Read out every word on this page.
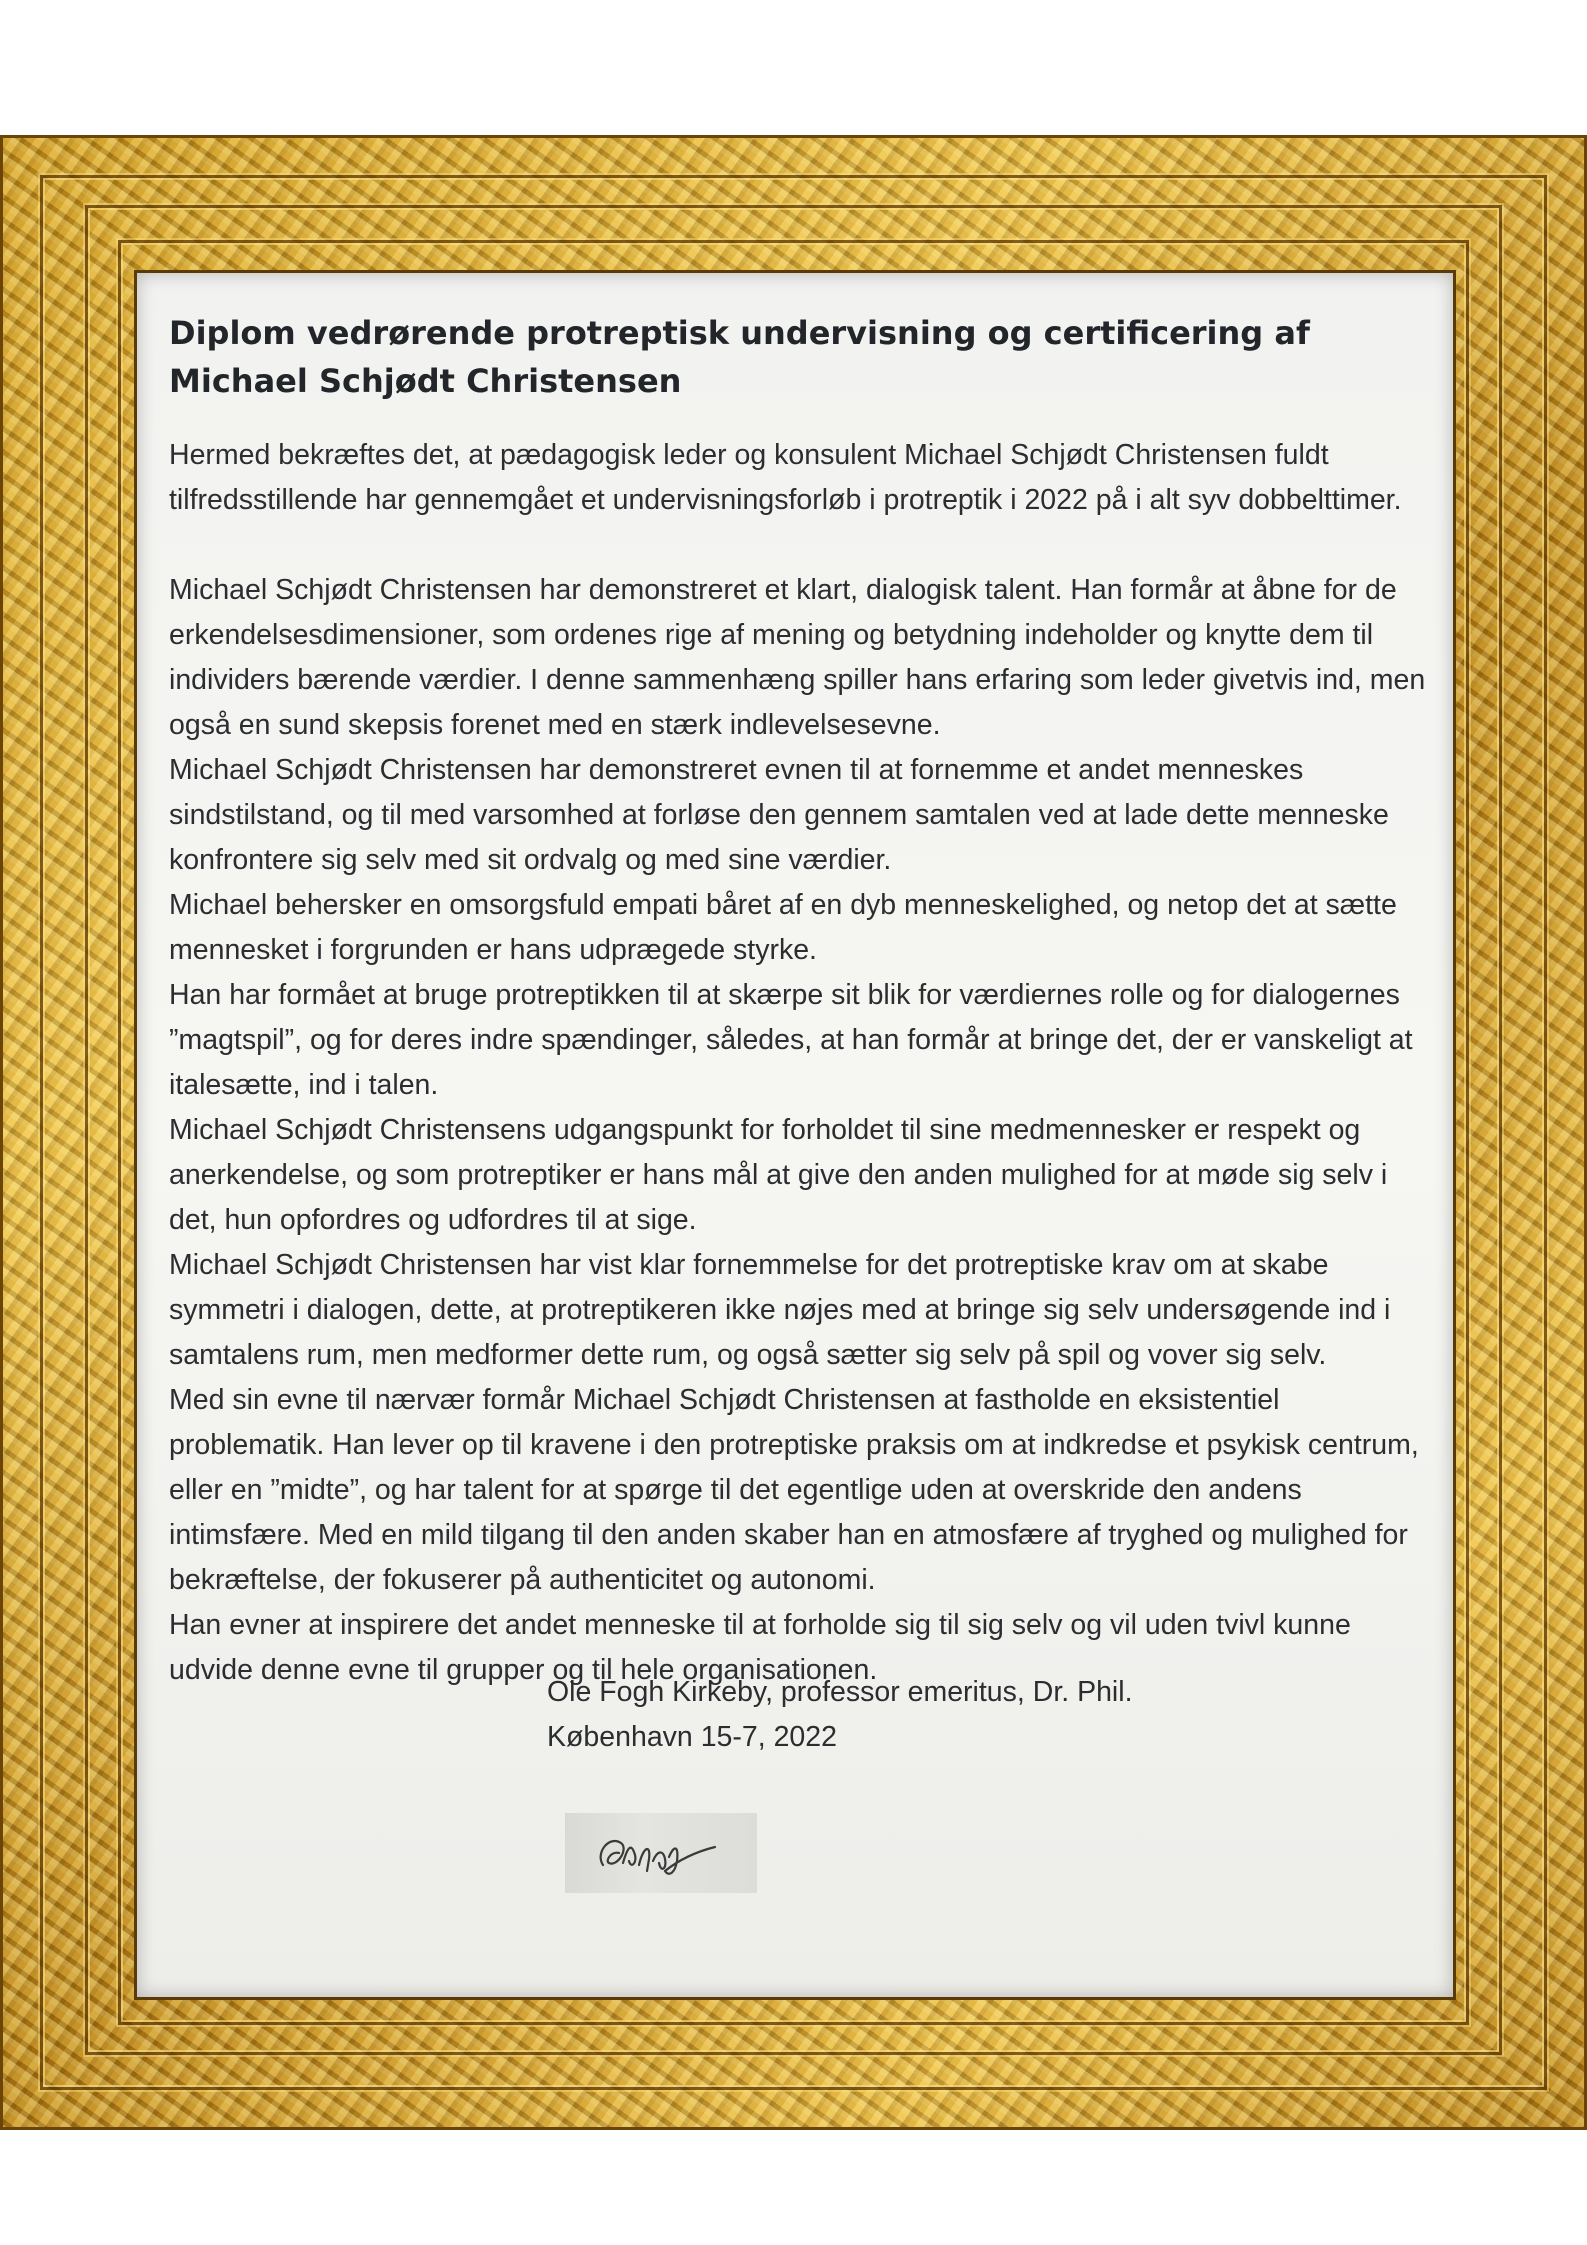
Diplom vedrørende protreptisk undervisning og certificering af
Michael Schjødt Christensen

Hermed bekræftes det, at pædagogisk leder og konsulent Michael Schjødt Christensen fuldt tilfredsstillende har gennemgået et undervisningsforløb i protreptik i 2022 på i alt syv dobbelttimer.

Michael Schjødt Christensen har demonstreret et klart, dialogisk talent. Han formår at åbne for de erkendelsesdimensioner, som ordenes rige af mening og betydning indeholder og knytte dem til individers bærende værdier. I denne sammenhæng spiller hans erfaring som leder givetvis ind, men også en sund skepsis forenet med en stærk indlevelsesevne.

Michael Schjødt Christensen har demonstreret evnen til at fornemme et andet menneskes sindstilstand, og til med varsomhed at forløse den gennem samtalen ved at lade dette menneske konfrontere sig selv med sit ordvalg og med sine værdier.

Michael behersker en omsorgsfuld empati båret af en dyb menneskelighed, og netop det at sætte mennesket i forgrunden er hans udprægede styrke.

Han har formået at bruge protreptikken til at skærpe sit blik for værdiernes rolle og for dialogernes ”magtspil”, og for deres indre spændinger, således, at han formår at bringe det, der er vanskeligt at italesætte, ind i talen.

Michael Schjødt Christensens udgangspunkt for forholdet til sine medmennesker er respekt og anerkendelse, og som protreptiker er hans mål at give den anden mulighed for at møde sig selv i det, hun opfordres og udfordres til at sige.

Michael Schjødt Christensen har vist klar fornemmelse for det protreptiske krav om at skabe symmetri i dialogen, dette, at protreptikeren ikke nøjes med at bringe sig selv undersøgende ind i samtalens rum, men medformer dette rum, og også sætter sig selv på spil og vover sig selv.

Med sin evne til nærvær formår Michael Schjødt Christensen at fastholde en eksistentiel problematik. Han lever op til kravene i den protreptiske praksis om at indkredse et psykisk centrum, eller en ”midte”, og har talent for at spørge til det egentlige uden at overskride den andens intimsfære. Med en mild tilgang til den anden skaber han en atmosfære af tryghed og mulighed for bekræftelse, der fokuserer på authenticitet og autonomi.

Han evner at inspirere det andet menneske til at forholde sig til sig selv og vil uden tvivl kunne udvide denne evne til grupper og til hele organisationen.

Ole Fogh Kirkeby, professor emeritus, Dr. Phil.
København 15-7, 2022
